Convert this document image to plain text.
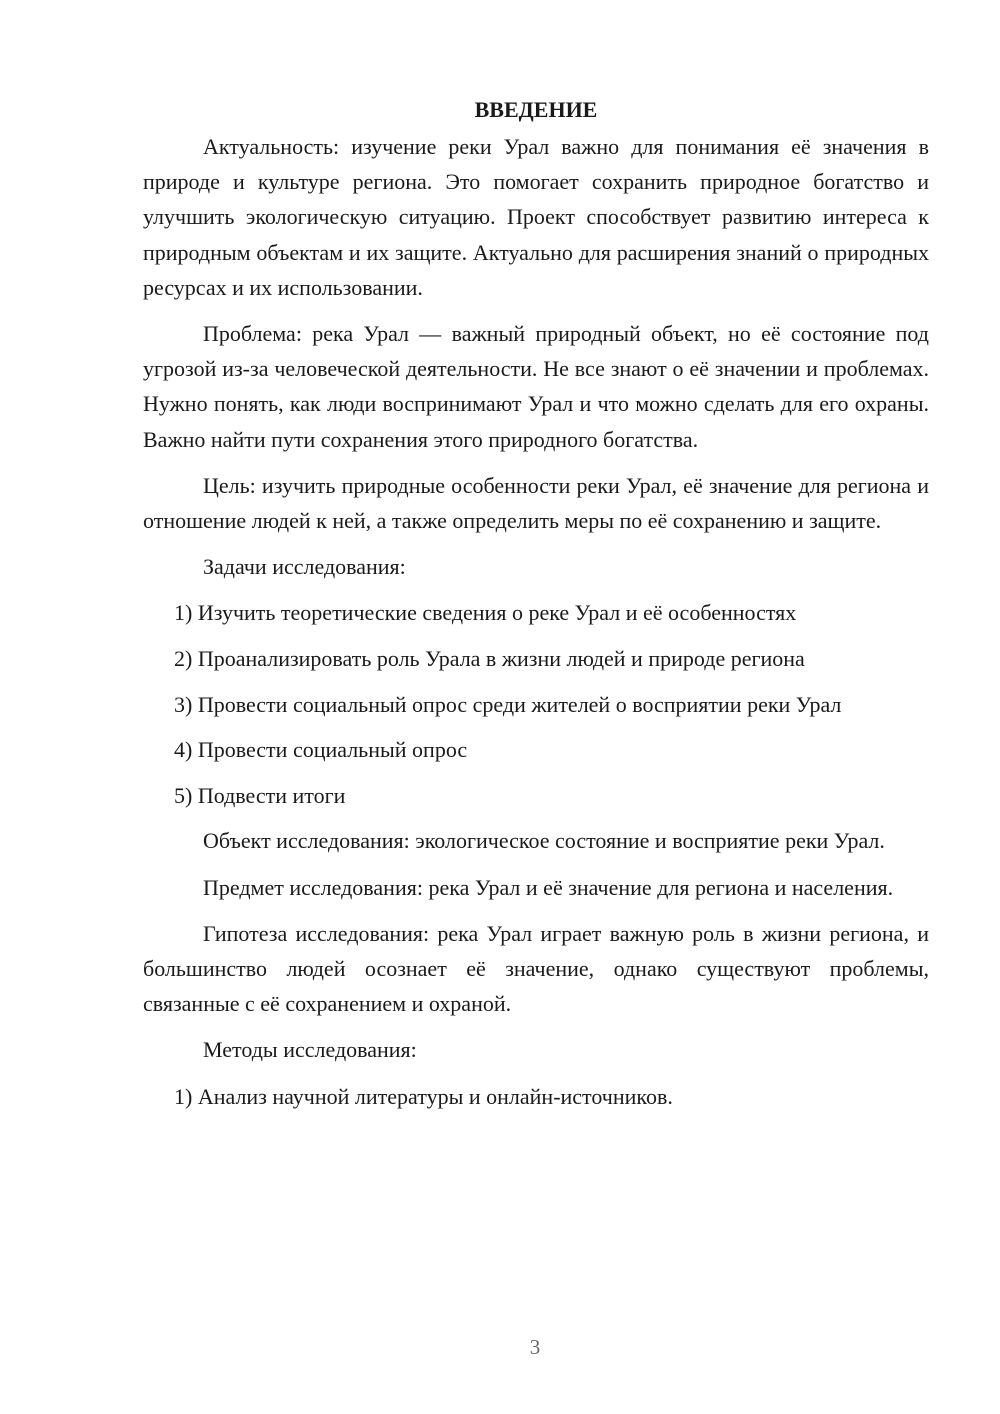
ВВЕДЕНИЕ

Актуальность: изучение реки Урал важно для понимания её значения в природе и культуре региона. Это помогает сохранить природное богатство и улучшить экологическую ситуацию. Проект способствует развитию интереса к природным объектам и их защите. Актуально для расширения знаний о природных ресурсах и их использовании.

Проблема: река Урал — важный природный объект, но её состояние под угрозой из-за человеческой деятельности. Не все знают о её значении и проблемах. Нужно понять, как люди воспринимают Урал и что можно сделать для его охраны. Важно найти пути сохранения этого природного богатства.

Цель: изучить природные особенности реки Урал, её значение для региона и отношение людей к ней, а также определить меры по её сохранению и защите.

Задачи исследования:

1) Изучить теоретические сведения о реке Урал и её особенностях
2) Проанализировать роль Урала в жизни людей и природе региона
3) Провести социальный опрос среди жителей о восприятии реки Урал
4) Провести социальный опрос
5) Подвести итоги

Объект исследования: экологическое состояние и восприятие реки Урал.

Предмет исследования: река Урал и её значение для региона и населения.

Гипотеза исследования: река Урал играет важную роль в жизни региона, и большинство людей осознает её значение, однако существуют проблемы, связанные с её сохранением и охраной.

Методы исследования:

1) Анализ научной литературы и онлайн-источников.
3
